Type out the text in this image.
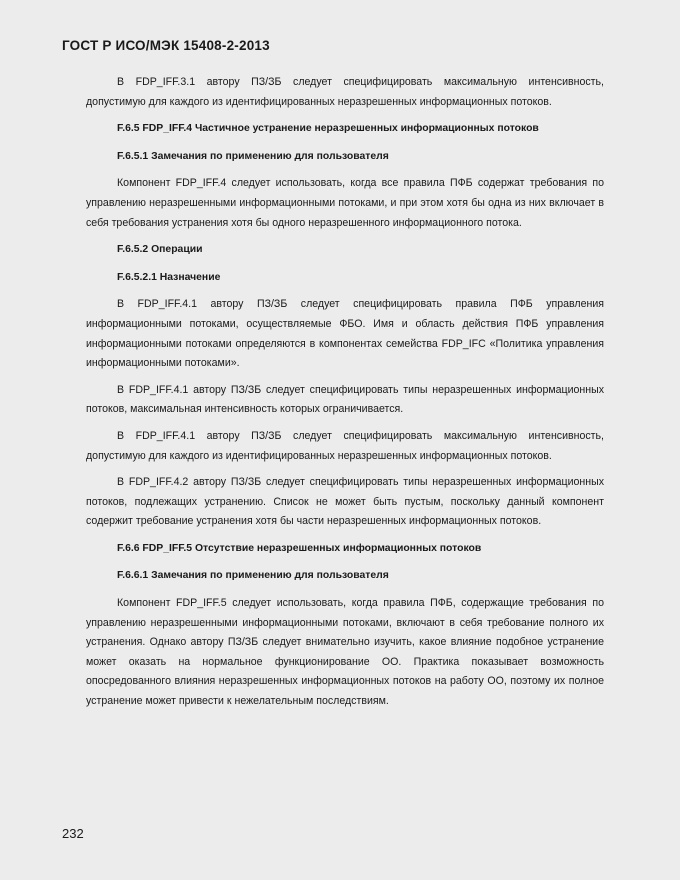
ГОСТ Р ИСО/МЭК 15408-2-2013

В FDP_IFF.3.1 автору ПЗ/ЗБ следует специфицировать максимальную интенсивность, допустимую для каждого из идентифицированных неразрешенных информационных потоков.

F.6.5 FDP_IFF.4 Частичное устранение неразрешенных информационных потоков

F.6.5.1 Замечания по применению для пользователя

Компонент FDP_IFF.4 следует использовать, когда все правила ПФБ содержат требования по управлению неразрешенными информационными потоками, и при этом хотя бы одна из них включает в себя требования устранения хотя бы одного неразрешенного информационного потока.

F.6.5.2 Операции

F.6.5.2.1 Назначение

В FDP_IFF.4.1 автору ПЗ/ЗБ следует специфицировать правила ПФБ управления информационными потоками, осуществляемые ФБО. Имя и область действия ПФБ управления информационными потоками определяются в компонентах семейства FDP_IFC «Политика управления информационными потоками».

В FDP_IFF.4.1 автору ПЗ/ЗБ следует специфицировать типы неразрешенных информационных потоков, максимальная интенсивность которых ограничивается.

В FDP_IFF.4.1 автору ПЗ/ЗБ следует специфицировать максимальную интенсивность, допустимую для каждого из идентифицированных неразрешенных информационных потоков.

В FDP_IFF.4.2 автору ПЗ/ЗБ следует специфицировать типы неразрешенных информационных потоков, подлежащих устранению. Список не может быть пустым, поскольку данный компонент содержит требование устранения хотя бы части неразрешенных информационных потоков.

F.6.6 FDP_IFF.5 Отсутствие неразрешенных информационных потоков

F.6.6.1 Замечания по применению для пользователя

Компонент FDP_IFF.5 следует использовать, когда правила ПФБ, содержащие требования по управлению неразрешенными информационными потоками, включают в себя требование полного их устранения. Однако автору ПЗ/ЗБ следует внимательно изучить, какое влияние подобное устранение может оказать на нормальное функционирование ОО. Практика показывает возможность опосредованного влияния неразрешенных информационных потоков на работу ОО, поэтому их полное устранение может привести к нежелательным последствиям.

232
